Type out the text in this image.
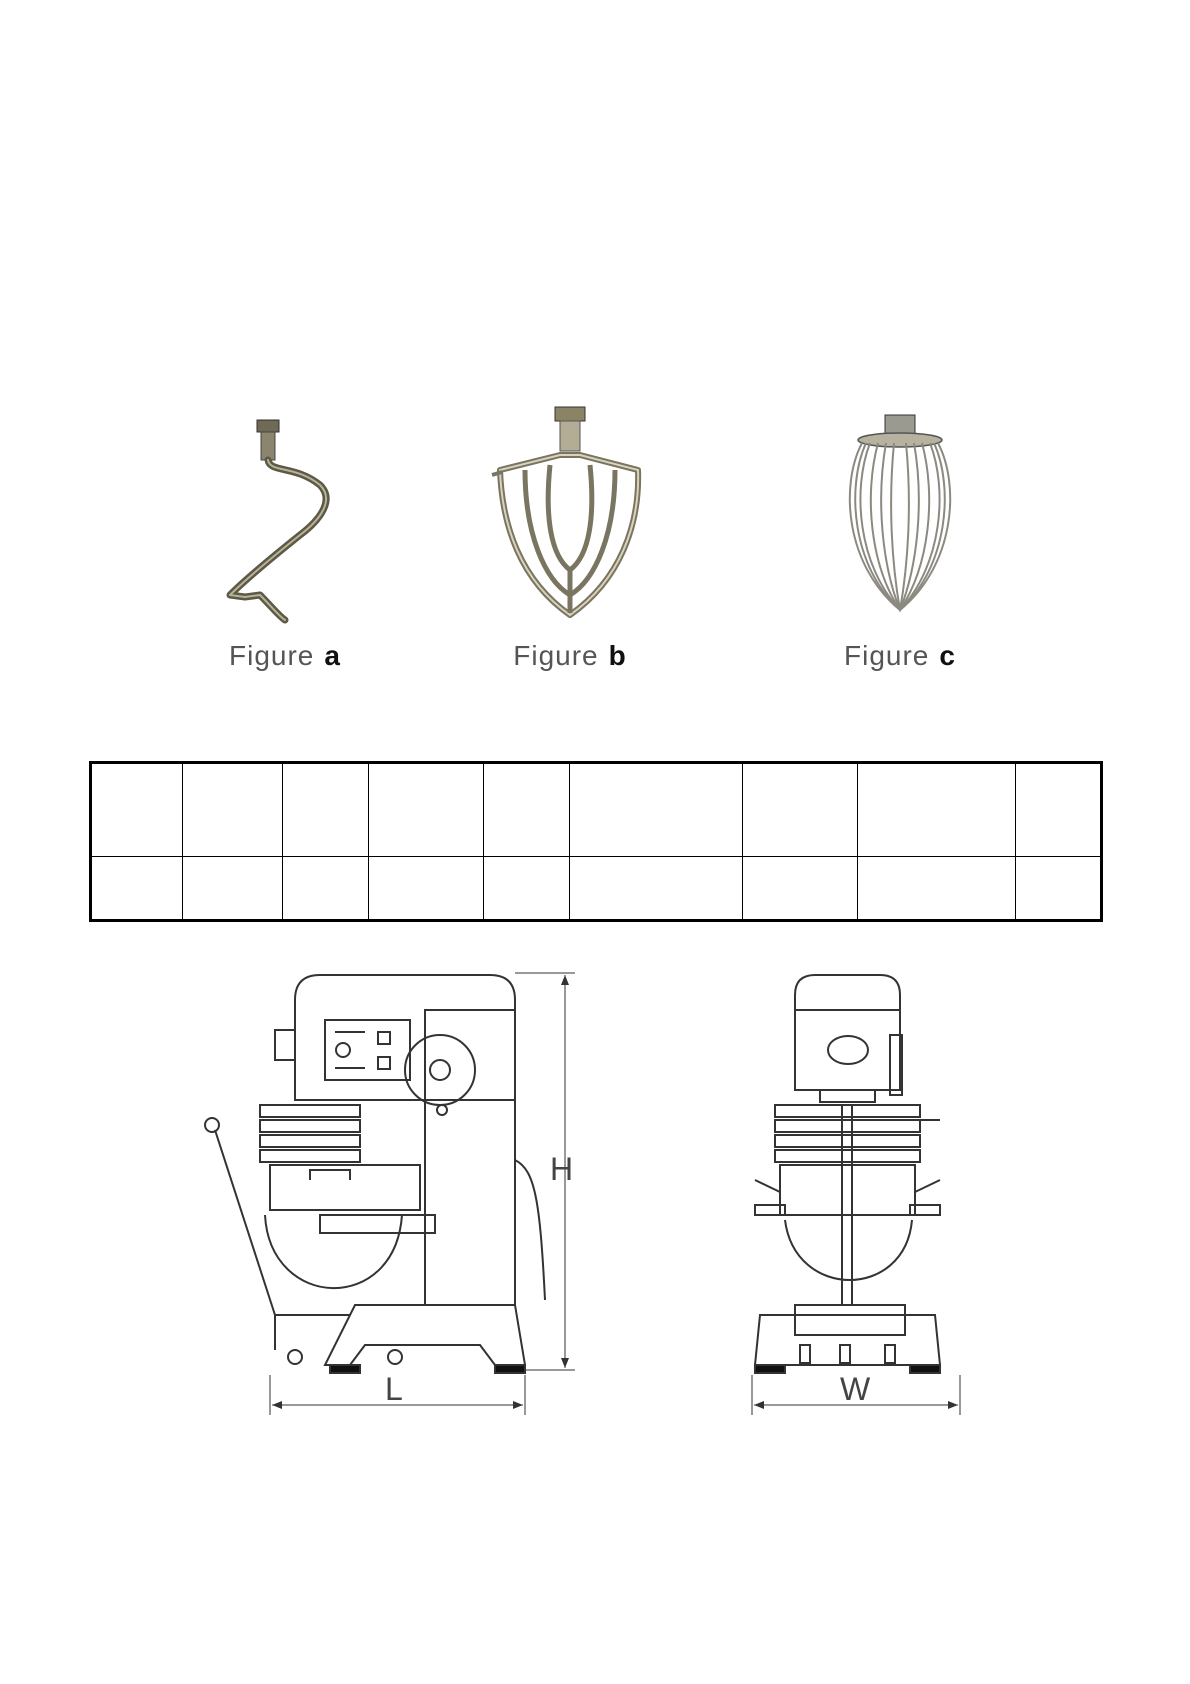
Figure a	Figure b	Figure c

H
L	W
